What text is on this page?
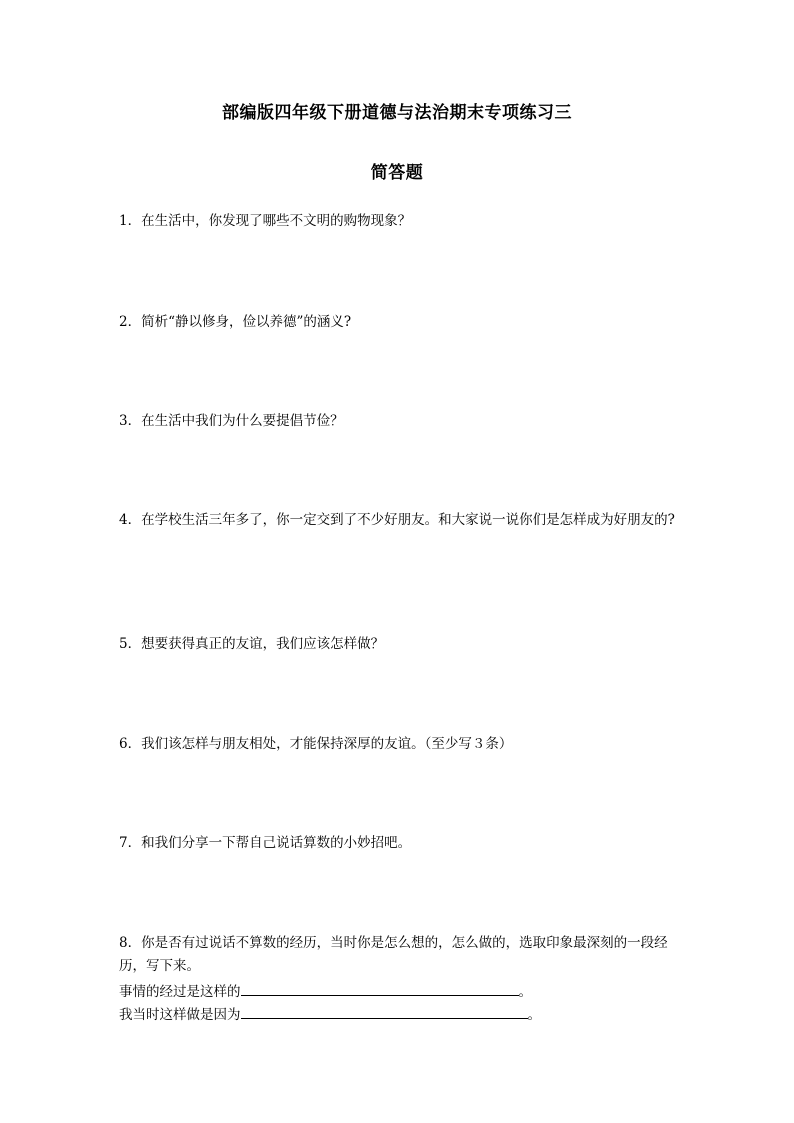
部编版四年级下册道德与法治期末专项练习三
简答题

1．在生活中，你发现了哪些不文明的购物现象？

2．简析“静以修身，俭以养德”的涵义?

3．在生活中我们为什么要提倡节俭？

4．在学校生活三年多了，你一定交到了不少好朋友。和大家说一说你们是怎样成为好朋友的?

5．想要获得真正的友谊，我们应该怎样做？

6．我们该怎样与朋友相处，才能保持深厚的友谊。（至少写３条）

7．和我们分享一下帮自己说话算数的小妙招吧。

8．你是否有过说话不算数的经历，当时你是怎么想的，怎么做的，选取印象最深刻的一段经历，写下来。

事情的经过是这样的	。
我当时这样做是因为	。
